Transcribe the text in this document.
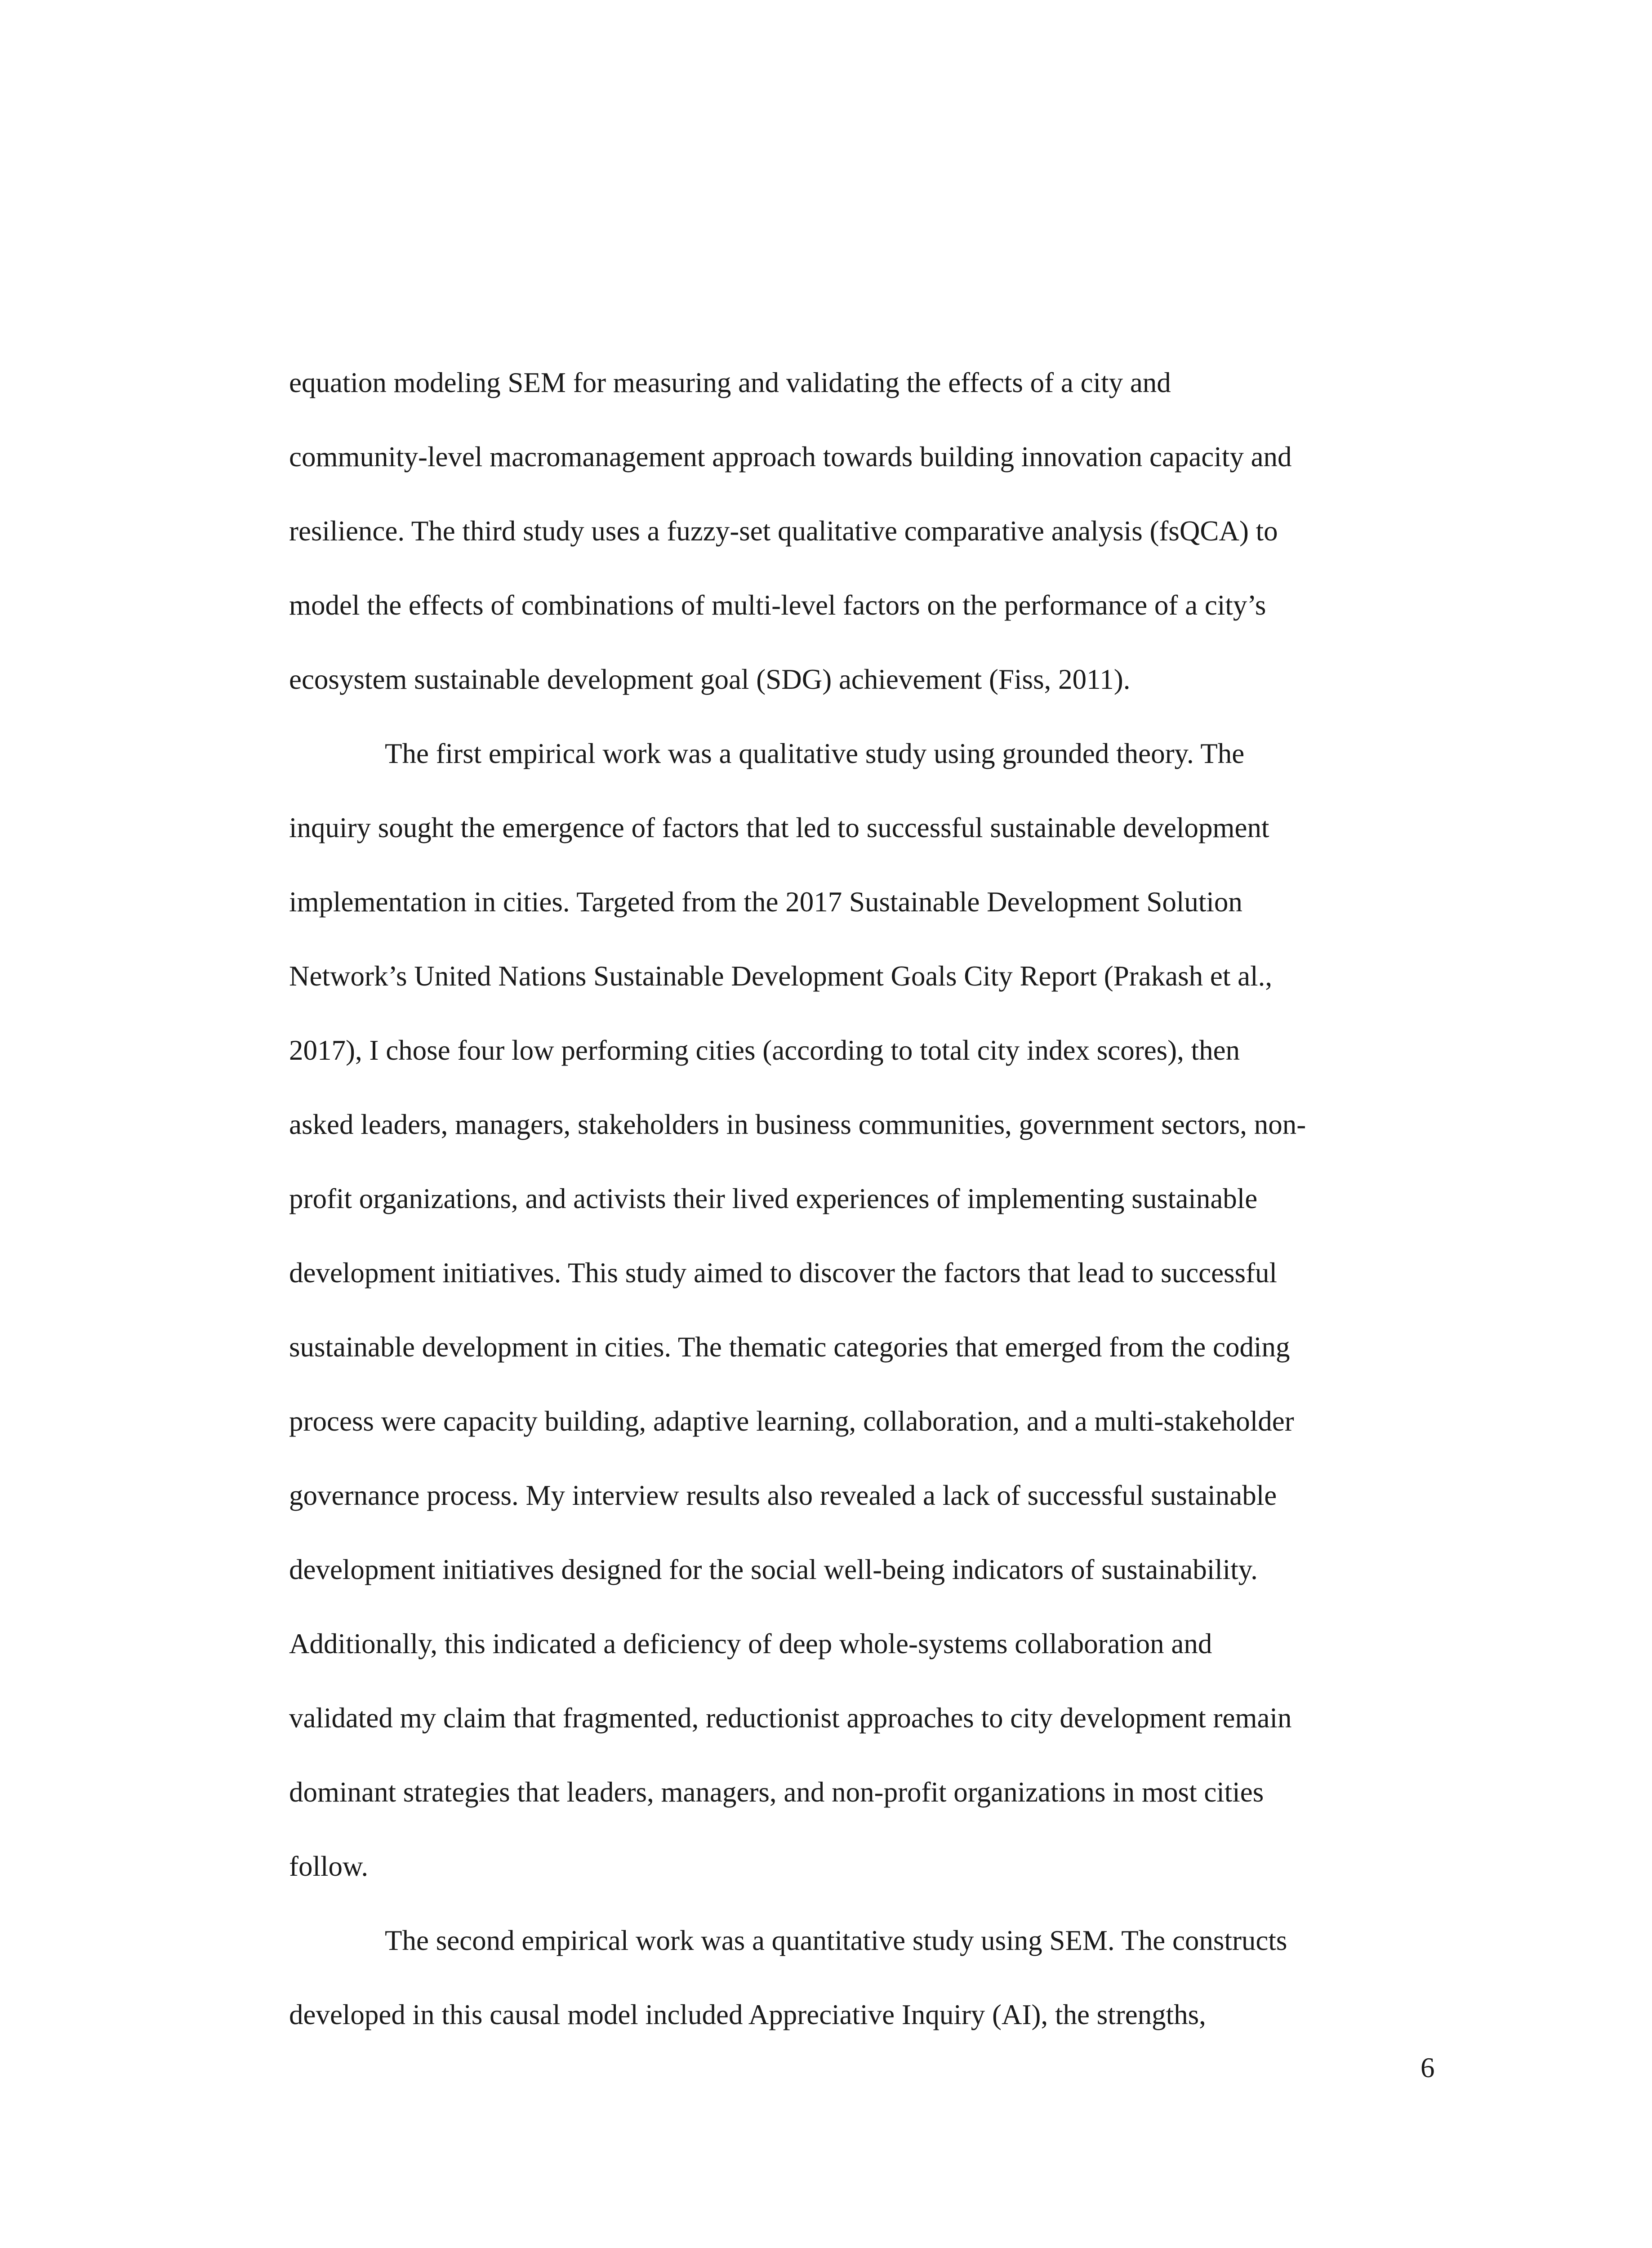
equation modeling SEM for measuring and validating the effects of a city and

community-level macromanagement approach towards building innovation capacity and

resilience. The third study uses a fuzzy-set qualitative comparative analysis (fsQCA) to

model the effects of combinations of multi-level factors on the performance of a city’s

ecosystem sustainable development goal (SDG) achievement (Fiss, 2011).

The first empirical work was a qualitative study using grounded theory. The

inquiry sought the emergence of factors that led to successful sustainable development

implementation in cities. Targeted from the 2017 Sustainable Development Solution

Network’s United Nations Sustainable Development Goals City Report (Prakash et al.,

2017), I chose four low performing cities (according to total city index scores), then

asked leaders, managers, stakeholders in business communities, government sectors, non-

profit organizations, and activists their lived experiences of implementing sustainable

development initiatives. This study aimed to discover the factors that lead to successful

sustainable development in cities. The thematic categories that emerged from the coding

process were capacity building, adaptive learning, collaboration, and a multi-stakeholder

governance process. My interview results also revealed a lack of successful sustainable

development initiatives designed for the social well-being indicators of sustainability.

Additionally, this indicated a deficiency of deep whole-systems collaboration and

validated my claim that fragmented, reductionist approaches to city development remain

dominant strategies that leaders, managers, and non-profit organizations in most cities

follow.

The second empirical work was a quantitative study using SEM. The constructs

developed in this causal model included Appreciative Inquiry (AI), the strengths,

6
